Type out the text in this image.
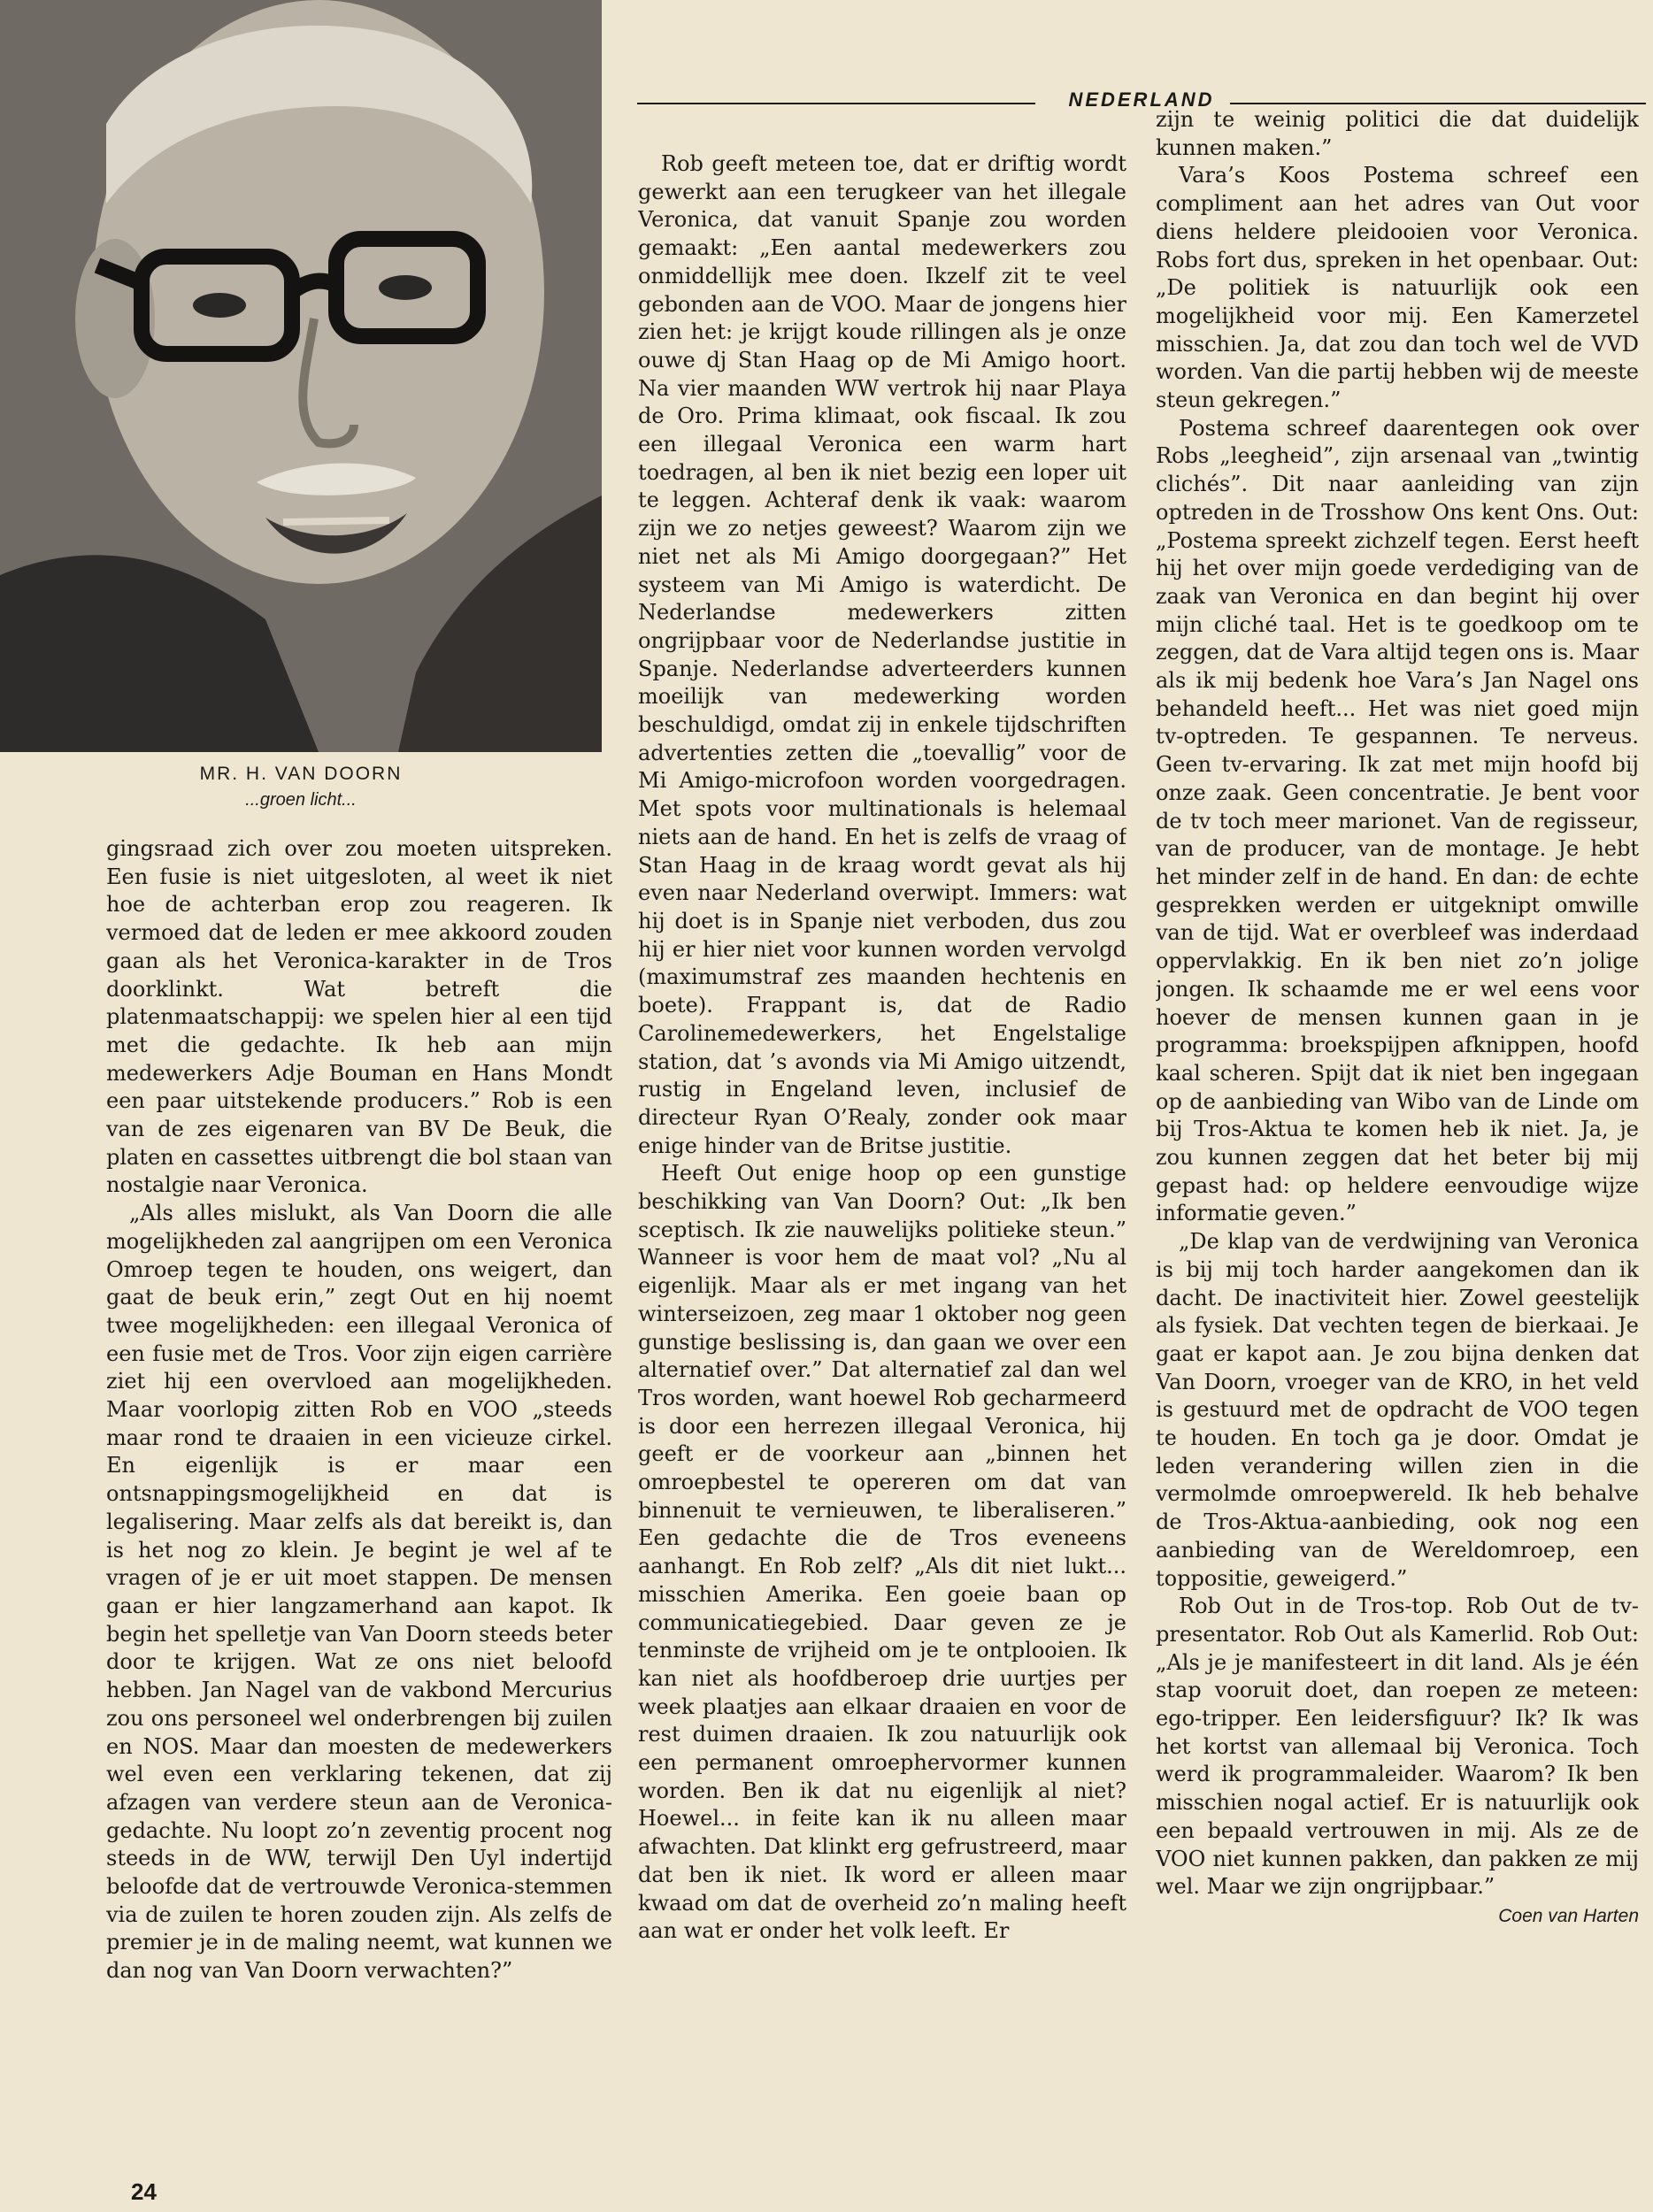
MR. H. VAN DOORN

...groen licht...

NEDERLAND

gingsraad zich over zou moeten uitspreken. Een fusie is niet uitgesloten, al weet ik niet hoe de achterban erop zou reageren. Ik vermoed dat de leden er mee akkoord zouden gaan als het Veronica-karakter in de Tros doorklinkt. Wat betreft die platenmaatschappij: we spelen hier al een tijd met die gedachte. Ik heb aan mijn medewerkers Adje Bouman en Hans Mondt een paar uitstekende producers.” Rob is een van de zes eigenaren van BV De Beuk, die platen en cassettes uitbrengt die bol staan van nostalgie naar Veronica.

„Als alles mislukt, als Van Doorn die alle mogelijkheden zal aangrijpen om een Veronica Omroep tegen te houden, ons weigert, dan gaat de beuk erin,” zegt Out en hij noemt twee mogelijkheden: een illegaal Veronica of een fusie met de Tros. Voor zijn eigen carrière ziet hij een overvloed aan mogelijkheden. Maar voorlopig zitten Rob en VOO „steeds maar rond te draaien in een vicieuze cirkel. En eigenlijk is er maar een ontsnappingsmogelijkheid en dat is legalisering. Maar zelfs als dat bereikt is, dan is het nog zo klein. Je begint je wel af te vragen of je er uit moet stappen. De mensen gaan er hier langzamerhand aan kapot. Ik begin het spelletje van Van Doorn steeds beter door te krijgen. Wat ze ons niet beloofd hebben. Jan Nagel van de vakbond Mercurius zou ons personeel wel onderbrengen bij zuilen en NOS. Maar dan moesten de medewerkers wel even een verklaring tekenen, dat zij afzagen van verdere steun aan de Veronica-gedachte. Nu loopt zo’n zeventig procent nog steeds in de WW, terwijl Den Uyl indertijd beloofde dat de vertrouwde Veronica-stemmen via de zuilen te horen zouden zijn. Als zelfs de premier je in de maling neemt, wat kunnen we dan nog van Van Doorn verwachten?”

Rob geeft meteen toe, dat er driftig wordt gewerkt aan een terugkeer van het illegale Veronica, dat vanuit Spanje zou worden gemaakt: „Een aantal medewerkers zou onmiddellijk mee doen. Ikzelf zit te veel gebonden aan de VOO. Maar de jongens hier zien het: je krijgt koude rillingen als je onze ouwe dj Stan Haag op de Mi Amigo hoort. Na vier maanden WW vertrok hij naar Playa de Oro. Prima klimaat, ook fiscaal. Ik zou een illegaal Veronica een warm hart toedragen, al ben ik niet bezig een loper uit te leggen. Achteraf denk ik vaak: waarom zijn we zo netjes geweest? Waarom zijn we niet net als Mi Amigo doorgegaan?” Het systeem van Mi Amigo is waterdicht. De Nederlandse medewerkers zitten ongrijpbaar voor de Nederlandse justitie in Spanje. Nederlandse adverteerders kunnen moeilijk van medewerking worden beschuldigd, omdat zij in enkele tijdschriften advertenties zetten die „toevallig” voor de Mi Amigo-microfoon worden voorgedragen. Met spots voor multinationals is helemaal niets aan de hand. En het is zelfs de vraag of Stan Haag in de kraag wordt gevat als hij even naar Nederland overwipt. Immers: wat hij doet is in Spanje niet verboden, dus zou hij er hier niet voor kunnen worden vervolgd (maximumstraf zes maanden hechtenis en boete). Frappant is, dat de Radio Carolinemedewerkers, het Engelstalige station, dat ’s avonds via Mi Amigo uitzendt, rustig in Engeland leven, inclusief de directeur Ryan O’Realy, zonder ook maar enige hinder van de Britse justitie.

Heeft Out enige hoop op een gunstige beschikking van Van Doorn? Out: „Ik ben sceptisch. Ik zie nauwelijks politieke steun.” Wanneer is voor hem de maat vol? „Nu al eigenlijk. Maar als er met ingang van het winterseizoen, zeg maar 1 oktober nog geen gunstige beslissing is, dan gaan we over een alternatief over.” Dat alternatief zal dan wel Tros worden, want hoewel Rob gecharmeerd is door een herrezen illegaal Veronica, hij geeft er de voorkeur aan „binnen het omroepbestel te opereren om dat van binnenuit te vernieuwen, te liberaliseren.” Een gedachte die de Tros eveneens aanhangt. En Rob zelf? „Als dit niet lukt... misschien Amerika. Een goeie baan op communicatiegebied. Daar geven ze je tenminste de vrijheid om je te ontplooien. Ik kan niet als hoofdberoep drie uurtjes per week plaatjes aan elkaar draaien en voor de rest duimen draaien. Ik zou natuurlijk ook een permanent omroephervormer kunnen worden. Ben ik dat nu eigenlijk al niet? Hoewel... in feite kan ik nu alleen maar afwachten. Dat klinkt erg gefrustreerd, maar dat ben ik niet. Ik word er alleen maar kwaad om dat de overheid zo’n maling heeft aan wat er onder het volk leeft. Er

zijn te weinig politici die dat duidelijk kunnen maken.”

Vara’s Koos Postema schreef een compliment aan het adres van Out voor diens heldere pleidooien voor Veronica. Robs fort dus, spreken in het openbaar. Out: „De politiek is natuurlijk ook een mogelijkheid voor mij. Een Kamerzetel misschien. Ja, dat zou dan toch wel de VVD worden. Van die partij hebben wij de meeste steun gekregen.”

Postema schreef daarentegen ook over Robs „leegheid”, zijn arsenaal van „twintig clichés”. Dit naar aanleiding van zijn optreden in de Trosshow Ons kent Ons. Out: „Postema spreekt zichzelf tegen. Eerst heeft hij het over mijn goede verdediging van de zaak van Veronica en dan begint hij over mijn cliché taal. Het is te goedkoop om te zeggen, dat de Vara altijd tegen ons is. Maar als ik mij bedenk hoe Vara’s Jan Nagel ons behandeld heeft... Het was niet goed mijn tv-optreden. Te gespannen. Te nerveus. Geen tv-ervaring. Ik zat met mijn hoofd bij onze zaak. Geen concentratie. Je bent voor de tv toch meer marionet. Van de regisseur, van de producer, van de montage. Je hebt het minder zelf in de hand. En dan: de echte gesprekken werden er uitgeknipt omwille van de tijd. Wat er overbleef was inderdaad oppervlakkig. En ik ben niet zo’n jolige jongen. Ik schaamde me er wel eens voor hoever de mensen kunnen gaan in je programma: broekspijpen afknippen, hoofd kaal scheren. Spijt dat ik niet ben ingegaan op de aanbieding van Wibo van de Linde om bij Tros-Aktua te komen heb ik niet. Ja, je zou kunnen zeggen dat het beter bij mij gepast had: op heldere eenvoudige wijze informatie geven.”

„De klap van de verdwijning van Veronica is bij mij toch harder aangekomen dan ik dacht. De inactiviteit hier. Zowel geestelijk als fysiek. Dat vechten tegen de bierkaai. Je gaat er kapot aan. Je zou bijna denken dat Van Doorn, vroeger van de KRO, in het veld is gestuurd met de opdracht de VOO tegen te houden. En toch ga je door. Omdat je leden verandering willen zien in die vermolmde omroepwereld. Ik heb behalve de Tros-Aktua-aanbieding, ook nog een aanbieding van de Wereldomroep, een toppositie, geweigerd.”

Rob Out in de Tros-top. Rob Out de tv-presentator. Rob Out als Kamerlid. Rob Out: „Als je je manifesteert in dit land. Als je één stap vooruit doet, dan roepen ze meteen: ego-tripper. Een leidersfiguur? Ik? Ik was het kortst van allemaal bij Veronica. Toch werd ik programmaleider. Waarom? Ik ben misschien nogal actief. Er is natuurlijk ook een bepaald vertrouwen in mij. Als ze de VOO niet kunnen pakken, dan pakken ze mij wel. Maar we zijn ongrijpbaar.”

Coen van Harten

24
